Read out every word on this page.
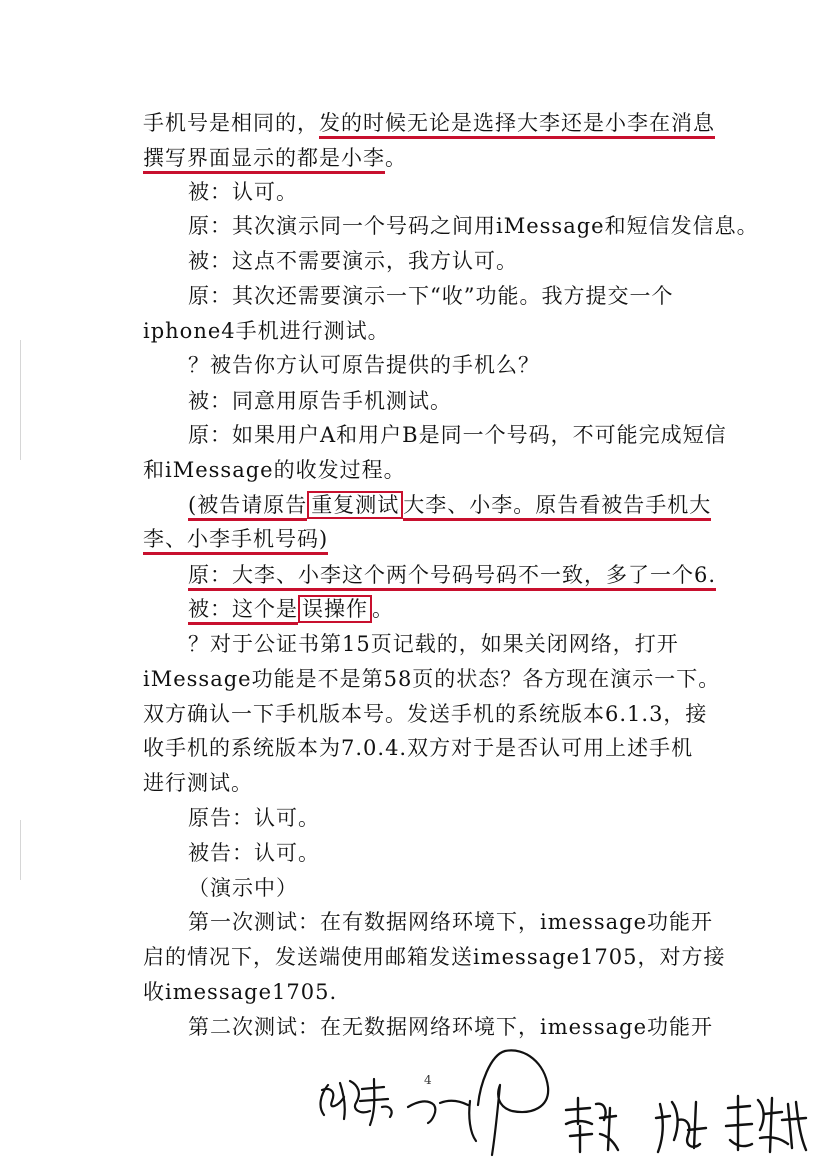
手机号是相同的，发的时候无论是选择大李还是小李在消息
撰写界面显示的都是小李。
被：认可。
原：其次演示同一个号码之间用iMessage和短信发信息。
被：这点不需要演示，我方认可。
原：其次还需要演示一下“收”功能。我方提交一个
iphone4手机进行测试。
？被告你方认可原告提供的手机么？
被：同意用原告手机测试。
原：如果用户A和用户B是同一个号码，不可能完成短信
和iMessage的收发过程。
(被告请原告 重复测试 大李、小李。原告看被告手机大
李、小李手机号码)
原：大李、小李这个两个号码号码不一致，多了一个6.
被：这个是 误操作 。
？对于公证书第15页记载的，如果关闭网络，打开
iMessage功能是不是第58页的状态？各方现在演示一下。
双方确认一下手机版本号。发送手机的系统版本6.1.3，接
收手机的系统版本为7.0.4.双方对于是否认可用上述手机
进行测试。
原告：认可。
被告：认可。
（演示中）
第一次测试：在有数据网络环境下，imessage功能开
启的情况下，发送端使用邮箱发送imessage1705，对方接
收imessage1705.
第二次测试：在无数据网络环境下，imessage功能开
4
